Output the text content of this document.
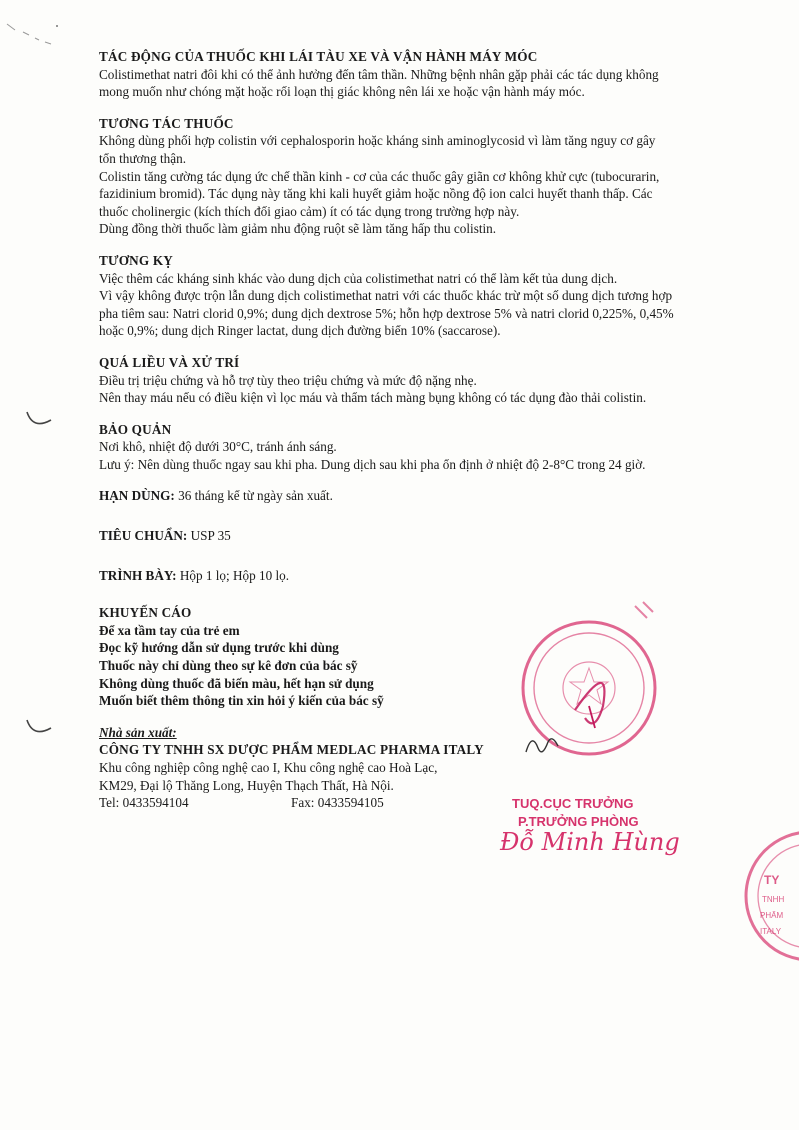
TÁC ĐỘNG CỦA THUỐC KHI LÁI TÀU XE VÀ VẬN HÀNH MÁY MÓC

Colistimethat natri đôi khi có thể ảnh hưởng đến tâm thần. Những bệnh nhân gặp phải các tác dụng không

mong muốn như chóng mặt hoặc rối loạn thị giác không nên lái xe hoặc vận hành máy móc.

TƯƠNG TÁC THUỐC

Không dùng phối hợp colistin với cephalosporin hoặc kháng sinh aminoglycosid vì làm tăng nguy cơ gây

tổn thương thận.

Colistin tăng cường tác dụng ức chế thần kinh - cơ của các thuốc gây giãn cơ không khử cực (tubocurarin,

fazidinium bromid). Tác dụng này tăng khi kali huyết giảm hoặc nồng độ ion calci huyết thanh thấp. Các

thuốc cholinergic (kích thích đối giao cảm) ít có tác dụng trong trường hợp này.

Dùng đồng thời thuốc làm giảm nhu động ruột sẽ làm tăng hấp thu colistin.

TƯƠNG KỴ

Việc thêm các kháng sinh khác vào dung dịch của colistimethat natri có thể làm kết tủa dung dịch.

Vì vậy không được trộn lẫn dung dịch colistimethat natri với các thuốc khác trừ một số dung dịch tương hợp

pha tiêm sau: Natri clorid 0,9%; dung dịch dextrose 5%; hỗn hợp dextrose 5% và natri clorid 0,225%, 0,45%

hoặc 0,9%; dung dịch Ringer lactat, dung dịch đường biển 10% (saccarose).

QUÁ LIỀU VÀ XỬ TRÍ

Điều trị triệu chứng và hỗ trợ tùy theo triệu chứng và mức độ nặng nhẹ.

Nên thay máu nếu có điều kiện vì lọc máu và thẩm tách màng bụng không có tác dụng đào thải colistin.

BẢO QUẢN

Nơi khô, nhiệt độ dưới 30°C, tránh ánh sáng.

Lưu ý: Nên dùng thuốc ngay sau khi pha. Dung dịch sau khi pha ổn định ở nhiệt độ 2-8°C trong 24 giờ.

HẠN DÙNG: 36 tháng kể từ ngày sản xuất.
TIÊU CHUẨN: USP 35
TRÌNH BÀY: Hộp 1 lọ; Hộp 10 lọ.
KHUYẾN CÁO

Để xa tầm tay của trẻ em

Đọc kỹ hướng dẫn sử dụng trước khi dùng

Thuốc này chỉ dùng theo sự kê đơn của bác sỹ

Không dùng thuốc đã biến màu, hết hạn sử dụng

Muốn biết thêm thông tin xin hỏi ý kiến của bác sỹ

Nhà sản xuất:
CÔNG TY TNHH SX DƯỢC PHẨM MEDLAC PHARMA ITALY

Khu công nghiệp công nghệ cao I, Khu công nghệ cao Hoà Lạc,

KM29, Đại lộ Thăng Long, Huyện Thạch Thất, Hà Nội.

Tel: 0433594104	Fax: 0433594105	TUQ.CỤC TRƯỞNG
P.TRƯỞNG PHÒNG
Đỗ Minh Hùng
TY
TNHH
PHẨM
ITALY
